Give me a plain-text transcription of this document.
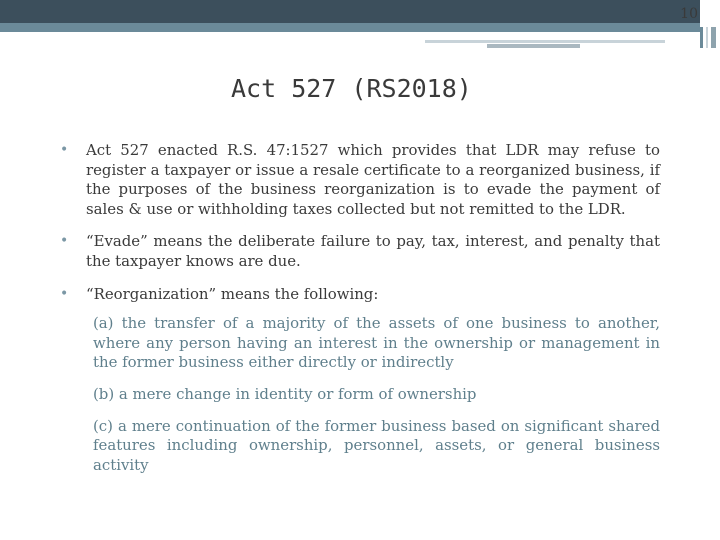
10
Act 527 (RS2018)
• Act 527 enacted R.S. 47:1527 which provides that LDR may refuse to register a taxpayer or issue a resale certificate to a reorganized business, if the purposes of the business reorganization is to evade the payment of sales & use or withholding taxes collected but not remitted to the LDR.
• “Evade” means the deliberate failure to pay, tax, interest, and penalty that the taxpayer knows are due.
• “Reorganization” means the following:
(a) the transfer of a majority of the assets of one business to another, where any person having an interest in the ownership or management in the former business either directly or indirectly
(b) a mere change in identity or form of ownership
(c) a mere continuation of the former business based on significant shared features including ownership, personnel, assets, or general business activity
